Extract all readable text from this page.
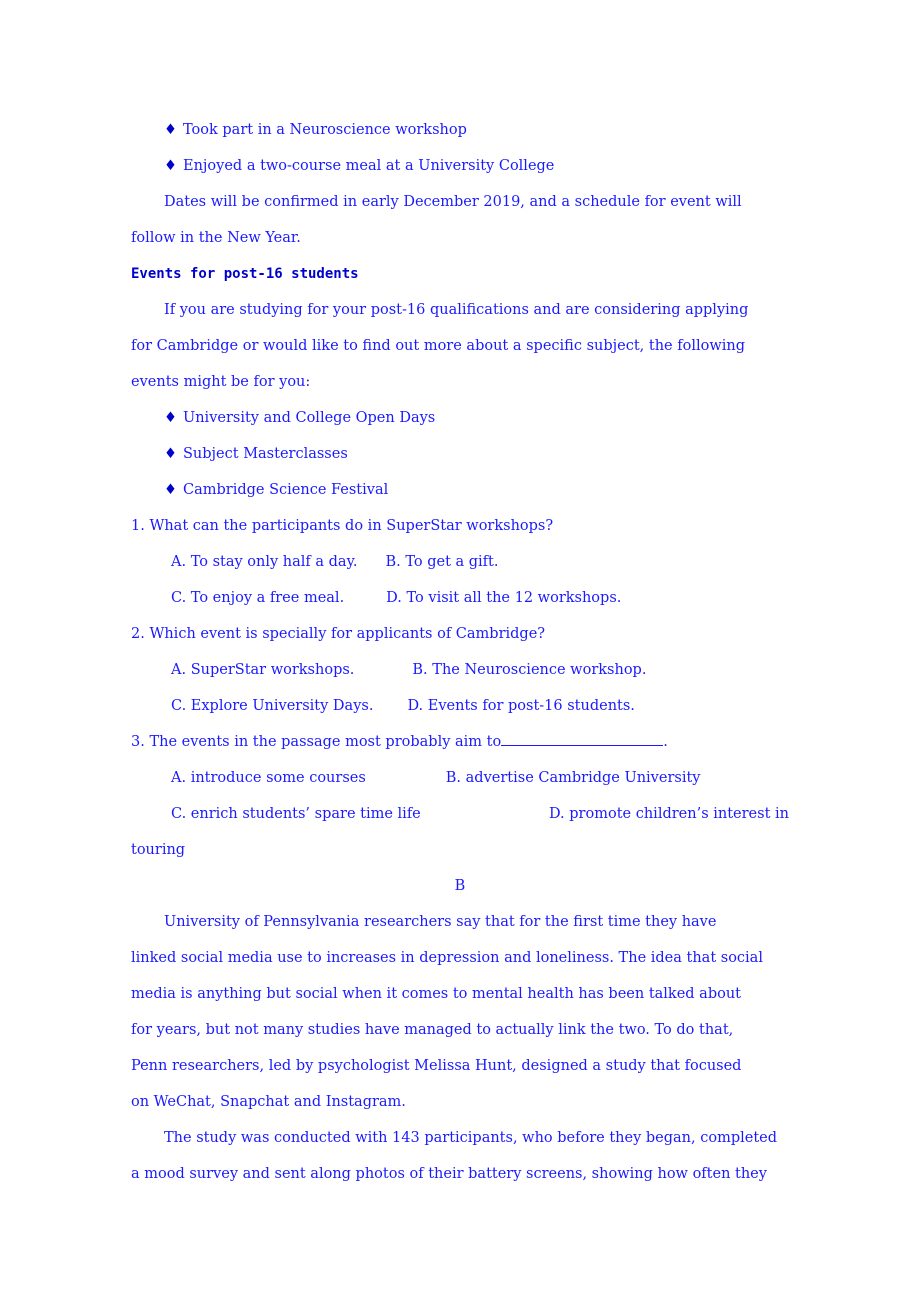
♦ Took part in a Neuroscience workshop
♦ Enjoyed a two-course meal at a University College
Dates will be confirmed in early December 2019, and a schedule for event will
follow in the New Year.
Events for post-16 students
If you are studying for your post-16 qualifications and are considering applying
for Cambridge or would like to find out more about a specific subject, the following
events might be for you:
♦ University and College Open Days
♦ Subject Masterclasses
♦ Cambridge Science Festival
1. What can the participants do in SuperStar workshops?
A. To stay only half a day. B. To get a gift.
C. To enjoy a free meal.	D. To visit all the 12 workshops.
2. Which event is specially for applicants of Cambridge?
A. SuperStar workshops.	B. The Neuroscience workshop.
C. Explore University Days. D. Events for post-16 students.
3. The events in the passage most probably aim to	.
A. introduce some courses	B. advertise Cambridge University
C. enrich students’ spare time life	D. promote children’s interest in
touring
B
University of Pennsylvania researchers say that for the first time they have
linked social media use to increases in depression and loneliness. The idea that social
media is anything but social when it comes to mental health has been talked about
for years, but not many studies have managed to actually link the two. To do that,
Penn researchers, led by psychologist Melissa Hunt, designed a study that focused
on WeChat, Snapchat and Instagram.
The study was conducted with 143 participants, who before they began, completed
a mood survey and sent along photos of their battery screens, showing how often they
